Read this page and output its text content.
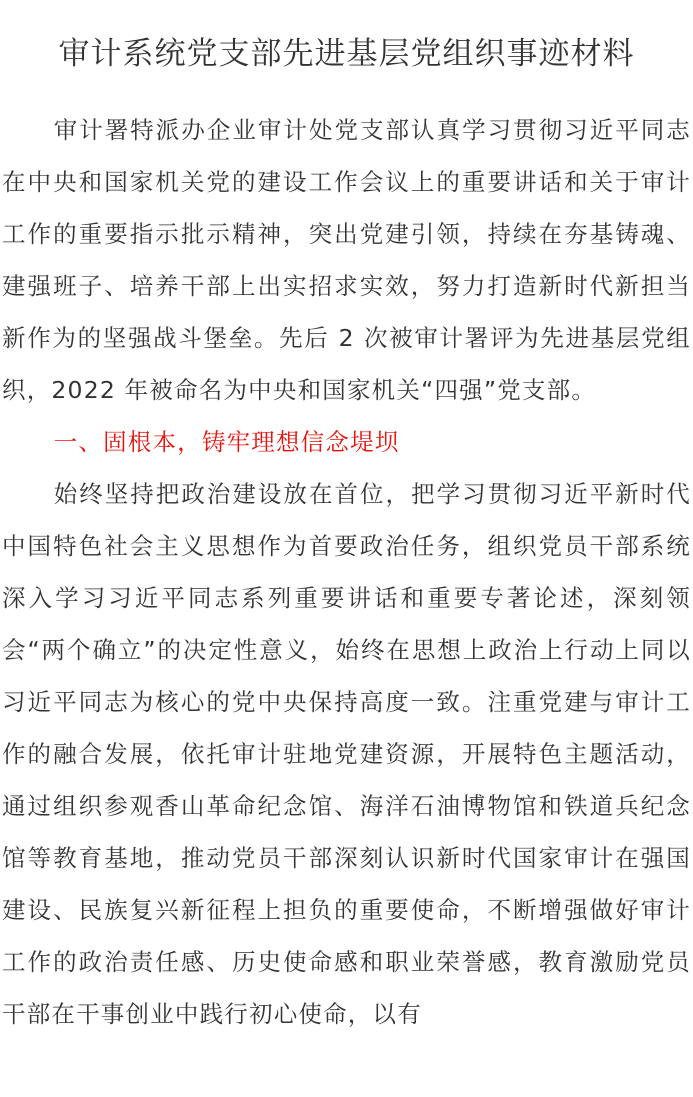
审计系统党支部先进基层党组织事迹材料

审计署特派办企业审计处党支部认真学习贯彻习近平同志在中央和国家机关党的建设工作会议上的重要讲话和关于审计工作的重要指示批示精神，突出党建引领，持续在夯基铸魂、建强班子、培养干部上出实招求实效，努力打造新时代新担当新作为的坚强战斗堡垒。先后 2 次被审计署评为先进基层党组织，2022 年被命名为中央和国家机关“四强”党支部。

一、固根本，铸牢理想信念堤坝

始终坚持把政治建设放在首位，把学习贯彻习近平新时代中国特色社会主义思想作为首要政治任务，组织党员干部系统深入学习习近平同志系列重要讲话和重要专著论述，深刻领会“两个确立”的决定性意义，始终在思想上政治上行动上同以习近平同志为核心的党中央保持高度一致。注重党建与审计工作的融合发展，依托审计驻地党建资源，开展特色主题活动，通过组织参观香山革命纪念馆、海洋石油博物馆和铁道兵纪念馆等教育基地，推动党员干部深刻认识新时代国家审计在强国建设、民族复兴新征程上担负的重要使命，不断增强做好审计工作的政治责任感、历史使命感和职业荣誉感，教育激励党员干部在干事创业中践行初心使命，以有
